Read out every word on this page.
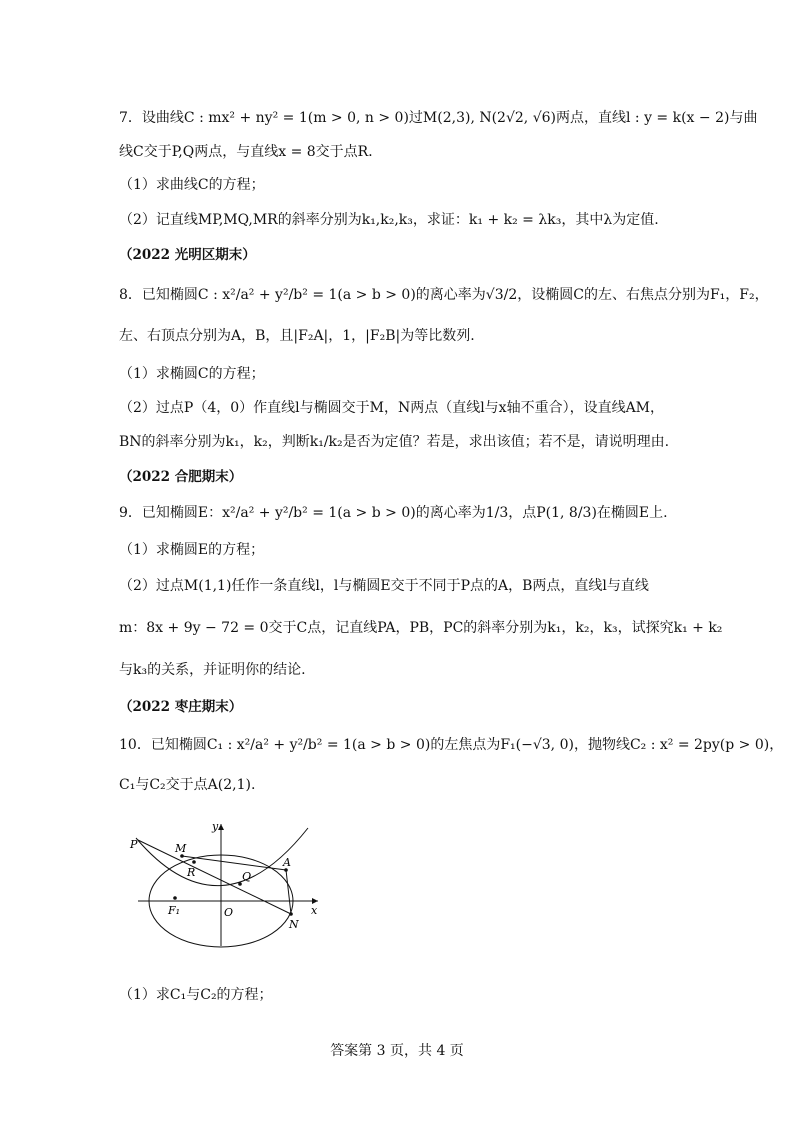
7．设曲线C : mx² + ny² = 1(m > 0, n > 0)过M(2,3), N(2√2, √6)两点，直线l : y = k(x − 2)与曲
线C交于P,Q两点，与直线x = 8交于点R．
（1）求曲线C的方程；
（2）记直线MP,MQ,MR的斜率分别为k₁,k₂,k₃，求证：k₁ + k₂ = λk₃，其中λ为定值.
（2022 光明区期末）
8．已知椭圆C : x²/a² + y²/b² = 1(a > b > 0)的离心率为√3/2，设椭圆C的左、右焦点分别为F₁，F₂，
左、右顶点分别为A，B，且|F₂A|，1，|F₂B|为等比数列.
（1）求椭圆C的方程；
（2）过点P（4，0）作直线l与椭圆交于M，N两点（直线l与x轴不重合），设直线AM，
BN的斜率分别为k₁，k₂，判断k₁/k₂是否为定值？若是，求出该值；若不是，请说明理由.
（2022 合肥期末）
9．已知椭圆E：x²/a² + y²/b² = 1(a > b > 0)的离心率为1/3，点P(1, 8/3)在椭圆E上.
（1）求椭圆E的方程；
（2）过点M(1,1)任作一条直线l，l与椭圆E交于不同于P点的A，B两点，直线l与直线
m：8x + 9y − 72 = 0交于C点，记直线PA，PB，PC的斜率分别为k₁，k₂，k₃，试探究k₁ + k₂
与k₃的关系，并证明你的结论.
（2022 枣庄期末）
10．已知椭圆C₁ : x²/a² + y²/b² = 1(a > b > 0)的左焦点为F₁(−√3, 0)，抛物线C₂ : x² = 2py(p > 0)，
C₁与C₂交于点A(2,1).
y
x
O
P	M
R	Q
A
N
F₁
（1）求C₁与C₂的方程；
答案第 3 页，共 4 页
